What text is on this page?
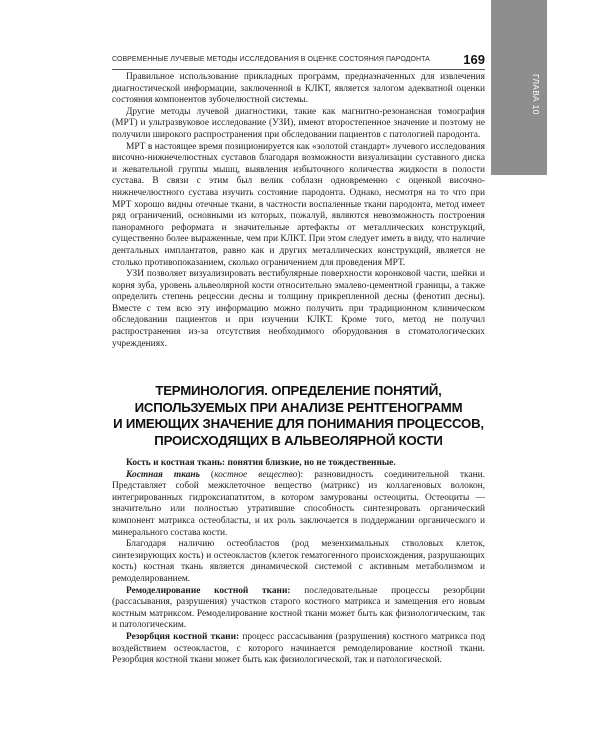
ГЛАВА 10
СОВРЕМЕННЫЕ ЛУЧЕВЫЕ МЕТОДЫ ИССЛЕДОВАНИЯ В ОЦЕНКЕ СОСТОЯНИЯ ПАРОДОНТА	169

Правильное использование прикладных программ, предназначенных для извлечения диагностической информации, заключенной в КЛКТ, является залогом адекватной оценки состояния компонентов зубочелюстной системы.

Другие методы лучевой диагностики, такие как магнитно-резонансная томография (МРТ) и ультразвуковое исследование (УЗИ), имеют второстепенное значение и поэтому не получили широкого распространения при обследовании пациентов с патологией пародонта.

МРТ в настоящее время позиционируется как «золотой стандарт» лучевого исследования височно-нижнечелюстных суставов благодаря возможности визуализации суставного диска и жевательной группы мышц, выявления избыточного количества жидкости в полости сустава. В связи с этим был велик соблазн одновременно с оценкой височно-нижнечелюстного сустава изучить состояние пародонта. Однако, несмотря на то что при МРТ хорошо видны отечные ткани, в частности воспаленные ткани пародонта, метод имеет ряд ограничений, основными из которых, пожалуй, являются невозможность построения панорамного реформата и значительные артефакты от металлических конструкций, существенно более выраженные, чем при КЛКТ. При этом следует иметь в виду, что наличие дентальных имплантатов, равно как и других металлических конструкций, является не столько противопоказанием, сколько ограничением для проведения МРТ.

УЗИ позволяет визуализировать вестибулярные поверхности коронковой части, шейки и корня зуба, уровень альвеолярной кости относительно эмалево-цементной границы, а также определить степень рецессии десны и толщину прикрепленной десны (фенотип десны). Вместе с тем всю эту информацию можно получить при традиционном клиническом обследовании пациентов и при изучении КЛКТ. Кроме того, метод не получил распространения из-за отсутствия необходимого оборудования в стоматологических учреждениях.

ТЕРМИНОЛОГИЯ. ОПРЕДЕЛЕНИЕ ПОНЯТИЙ,
ИСПОЛЬЗУЕМЫХ ПРИ АНАЛИЗЕ РЕНТГЕНОГРАММ
И ИМЕЮЩИХ ЗНАЧЕНИЕ ДЛЯ ПОНИМАНИЯ ПРОЦЕССОВ,
ПРОИСХОДЯЩИХ В АЛЬВЕОЛЯРНОЙ КОСТИ

Кость и костная ткань: понятия близкие, но не тождественные.

Костная ткань (костное вещество): разновидность соединительной ткани. Представляет собой межклеточное вещество (матрикс) из коллагеновых волокон, интегрированных гидроксиапатитом, в котором замурованы остеоциты. Остеоциты — значительно или полностью утратившие способность синтезировать органический компонент матрикса остеобласты, и их роль заключается в поддержании органического и минерального состава кости.

Благодаря наличию остеобластов (род мезенхимальных стволовых клеток, синтезирующих кость) и остеокластов (клеток гематогенного происхождения, разрушающих кость) костная ткань является динамической системой с активным метаболизмом и ремоделированием.

Ремоделирование костной ткани: последовательные процессы резорбции (рассасывания, разрушения) участков старого костного матрикса и замещения его новым костным матриксом. Ремоделирование костной ткани может быть как физиологическим, так и патологическим.

Резорбция костной ткани: процесс рассасывания (разрушения) костного матрикса под воздействием остеокластов, с которого начинается ремоделирование костной ткани. Резорбция костной ткани может быть как физиологической, так и патологической.
